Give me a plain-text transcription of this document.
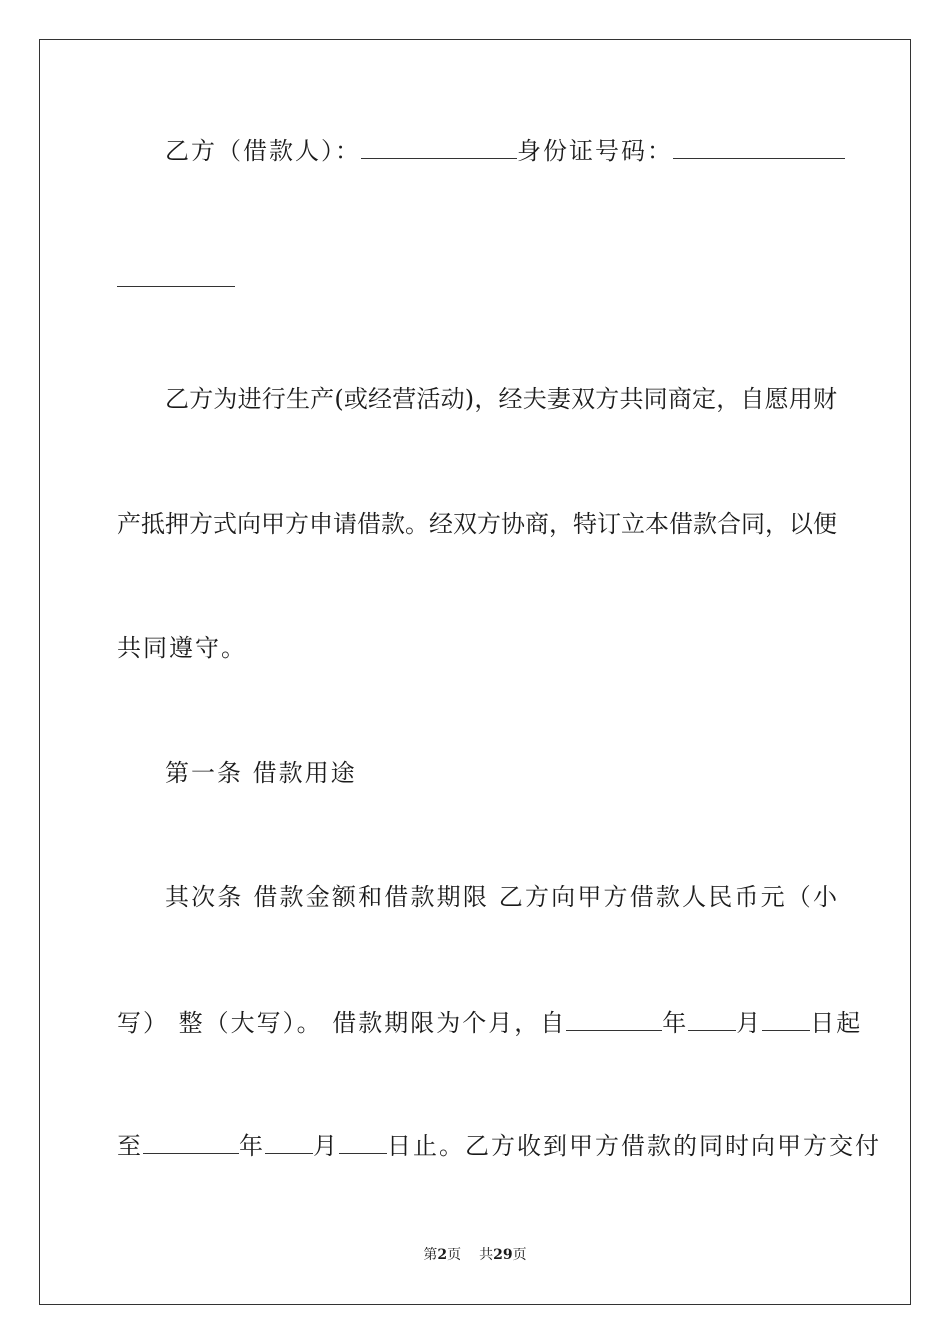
乙方（借款人）：	身份证号码：
乙方为进行生产(或经营活动)，经夫妻双方共同商定，自愿用财
产抵押方式向甲方申请借款。经双方协商，特订立本借款合同，以便
共同遵守。
第一条 借款用途
其次条 借款金额和借款期限 乙方向甲方借款人民币元（小
写） 整（大写）。 借款期限为个月，自	年 月 日起
至	年 月 日止。乙方收到甲方借款的同时向甲方交付
第2页 共29页
